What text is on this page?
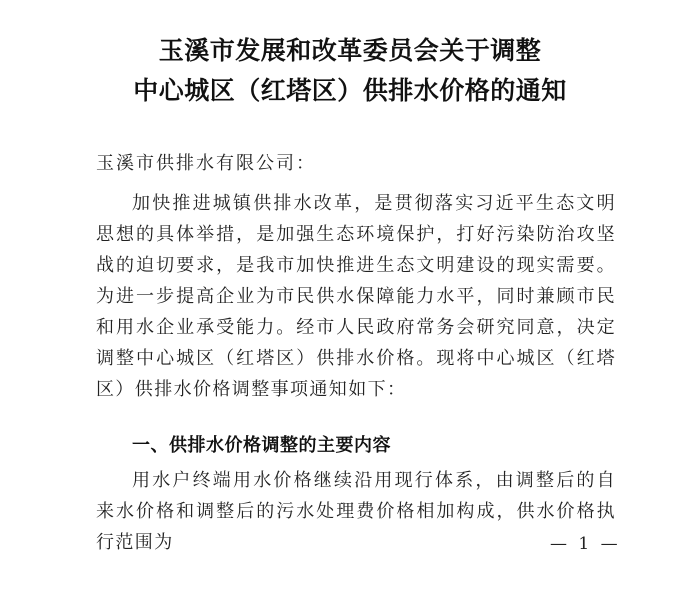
玉溪市发展和改革委员会关于调整
中心城区（红塔区）供排水价格的通知
玉溪市供排水有限公司：
加快推进城镇供排水改革，是贯彻落实习近平生态文明思想的具体举措，是加强生态环境保护，打好污染防治攻坚战的迫切要求，是我市加快推进生态文明建设的现实需要。为进一步提高企业为市民供水保障能力水平，同时兼顾市民和用水企业承受能力。经市人民政府常务会研究同意，决定调整中心城区（红塔区）供排水价格。现将中心城区（红塔区）供排水价格调整事项通知如下：
一、供排水价格调整的主要内容
用水户终端用水价格继续沿用现行体系，由调整后的自来水价格和调整后的污水处理费价格相加构成，供水价格执行范围为	— 1 —
